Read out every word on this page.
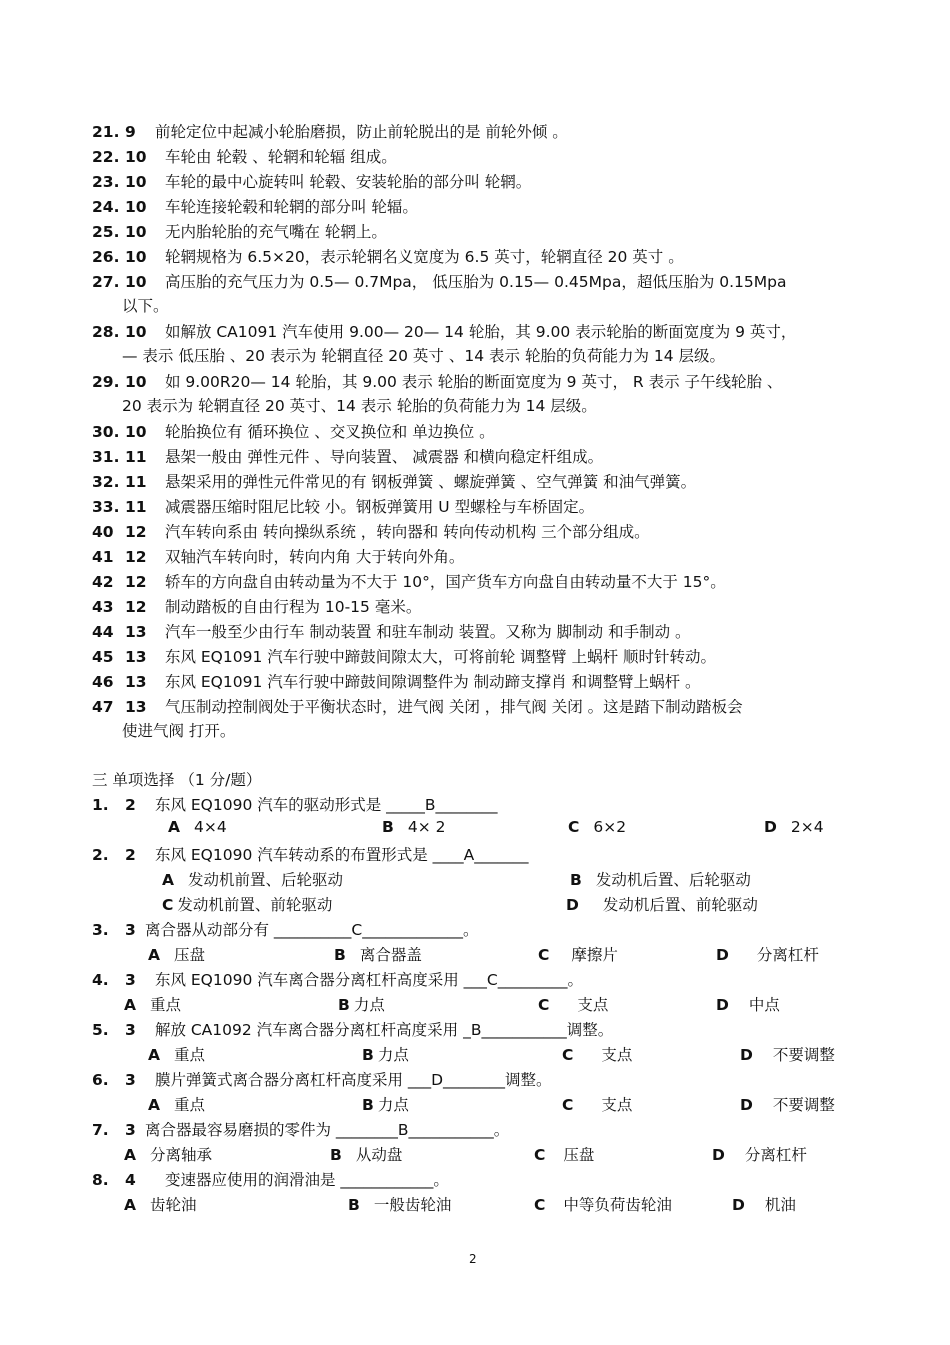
21. 9 前轮定位中起减小轮胎磨损，防止前轮脱出的是 前轮外倾 。
22. 10 车轮由 轮毂 、轮辋和轮辐 组成。
23. 10 车轮的最中心旋转叫 轮毂、安装轮胎的部分叫 轮辋。
24. 10 车轮连接轮毂和轮辋的部分叫 轮辐。
25. 10 无内胎轮胎的充气嘴在 轮辋上。
26. 10 轮辋规格为 6.5×20，表示轮辋名义宽度为 6.5 英寸，轮辋直径 20 英寸 。
27. 10 高压胎的充气压力为 0.5— 0.7Mpa， 低压胎为 0.15— 0.45Mpa，超低压胎为 0.15Mpa
以下。
28. 10 如解放 CA1091 汽车使用 9.00— 20— 14 轮胎，其 9.00 表示轮胎的断面宽度为 9 英寸，
— 表示 低压胎 、20 表示为 轮辋直径 20 英寸 、14 表示 轮胎的负荷能力为 14 层级。
29. 10 如 9.00R20— 14 轮胎，其 9.00 表示 轮胎的断面宽度为 9 英寸， R 表示 子午线轮胎 、
20 表示为 轮辋直径 20 英寸、14 表示 轮胎的负荷能力为 14 层级。
30. 10 轮胎换位有 循环换位 、交叉换位和 单边换位 。
31. 11 悬架一般由 弹性元件 、导向装置、 减震器 和横向稳定杆组成。
32. 11 悬架采用的弹性元件常见的有 钢板弹簧 、螺旋弹簧 、空气弹簧 和油气弹簧。
33. 11 减震器压缩时阻尼比较 小。钢板弹簧用 U 型螺栓与车桥固定。
40 12 汽车转向系由 转向操纵系统 ，转向器和 转向传动机构 三个部分组成。
41 12 双轴汽车转向时，转向内角 大于转向外角。
42 12 轿车的方向盘自由转动量为不大于 10°，国产货车方向盘自由转动量不大于 15°。
43 12 制动踏板的自由行程为 10-15 毫米。
44 13 汽车一般至少由行车 制动装置 和驻车制动 装置。又称为 脚制动 和手制动 。
45 13 东风 EQ1091 汽车行驶中蹄鼓间隙太大，可将前轮 调整臂 上蜗杆 顺时针转动。
46 13 东风 EQ1091 汽车行驶中蹄鼓间隙调整件为 制动蹄支撑肖 和调整臂上蜗杆 。
47 13 气压制动控制阀处于平衡状态时，进气阀 关闭 ，排气阀 关闭 。这是踏下制动踏板会
使进气阀 打开。
三 单项选择 （1 分/题）
1. 2 东风 EQ1090 汽车的驱动形式是 _____B________
A 4×4	B 4× 2	C 6×2	D 2×4
2. 2 东风 EQ1090 汽车转动系的布置形式是 ____A_______
A 发动机前置、后轮驱动	B 发动机后置、后轮驱动
C 发动机前置、前轮驱动	D 发动机后置、前轮驱动
3. 3 离合器从动部分有 __________C_____________。
A 压盘	B 离合器盖	C 摩擦片	D 分离杠杆
4. 3 东风 EQ1090 汽车离合器分离杠杆高度采用 ___C_________。
A 重点	B 力点	C 支点	D 中点
5. 3 解放 CA1092 汽车离合器分离杠杆高度采用 _B___________调整。
A 重点	B 力点	C 支点	D 不要调整
6. 3 膜片弹簧式离合器分离杠杆高度采用 ___D________调整。
A 重点	B 力点	C 支点	D 不要调整
7. 3 离合器最容易磨损的零件为 ________B___________。
A 分离轴承	B 从动盘	C 压盘	D 分离杠杆
8. 4 变速器应使用的润滑油是 ____________。
A 齿轮油	B 一般齿轮油	C 中等负荷齿轮油	D 机油
2
